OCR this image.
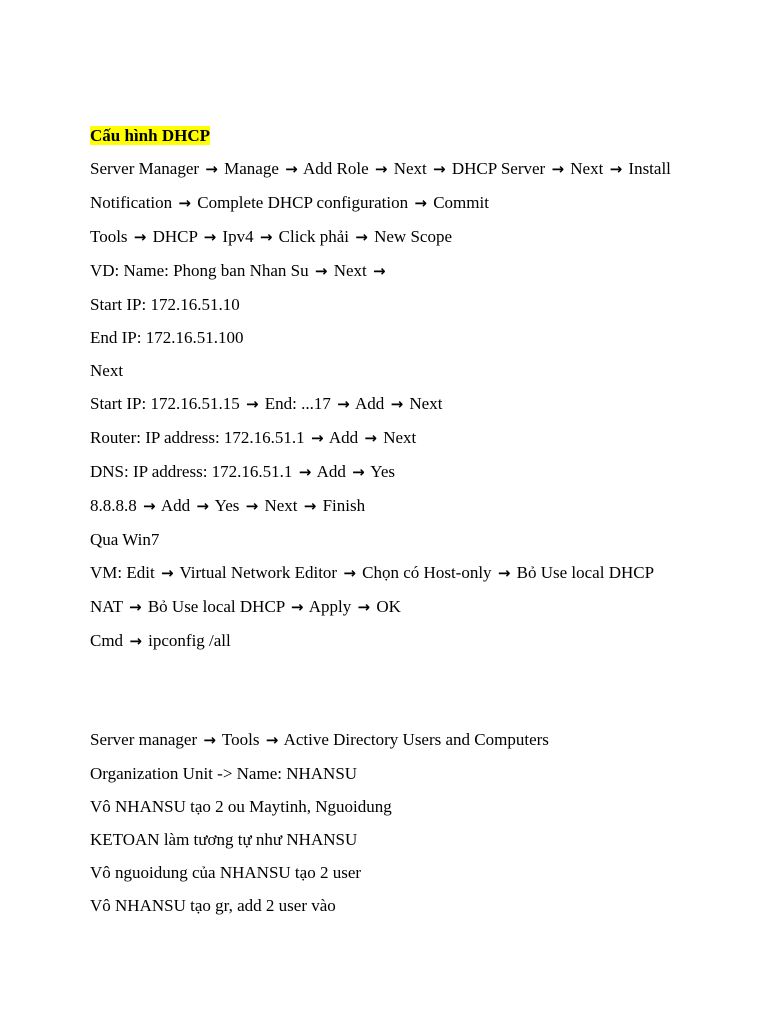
Cấu hình DHCP
Server Manager → Manage → Add Role → Next → DHCP Server → Next → Install
Notification → Complete DHCP configuration → Commit
Tools → DHCP → Ipv4 → Click phải → New Scope
VD: Name: Phong ban Nhan Su → Next →
Start IP: 172.16.51.10
End IP: 172.16.51.100
Next
Start IP: 172.16.51.15 → End: ...17 → Add → Next
Router: IP address: 172.16.51.1 → Add → Next
DNS: IP address: 172.16.51.1 → Add → Yes
8.8.8.8 → Add → Yes → Next → Finish
Qua Win7
VM: Edit → Virtual Network Editor → Chọn có Host-only → Bỏ Use local DHCP
NAT → Bỏ Use local DHCP → Apply → OK
Cmd → ipconfig /all
Server manager → Tools → Active Directory Users and Computers
Organization Unit -> Name: NHANSU
Vô NHANSU tạo 2 ou Maytinh, Nguoidung
KETOAN làm tương tự như NHANSU
Vô nguoidung của NHANSU tạo 2 user
Vô NHANSU tạo gr, add 2 user vào
